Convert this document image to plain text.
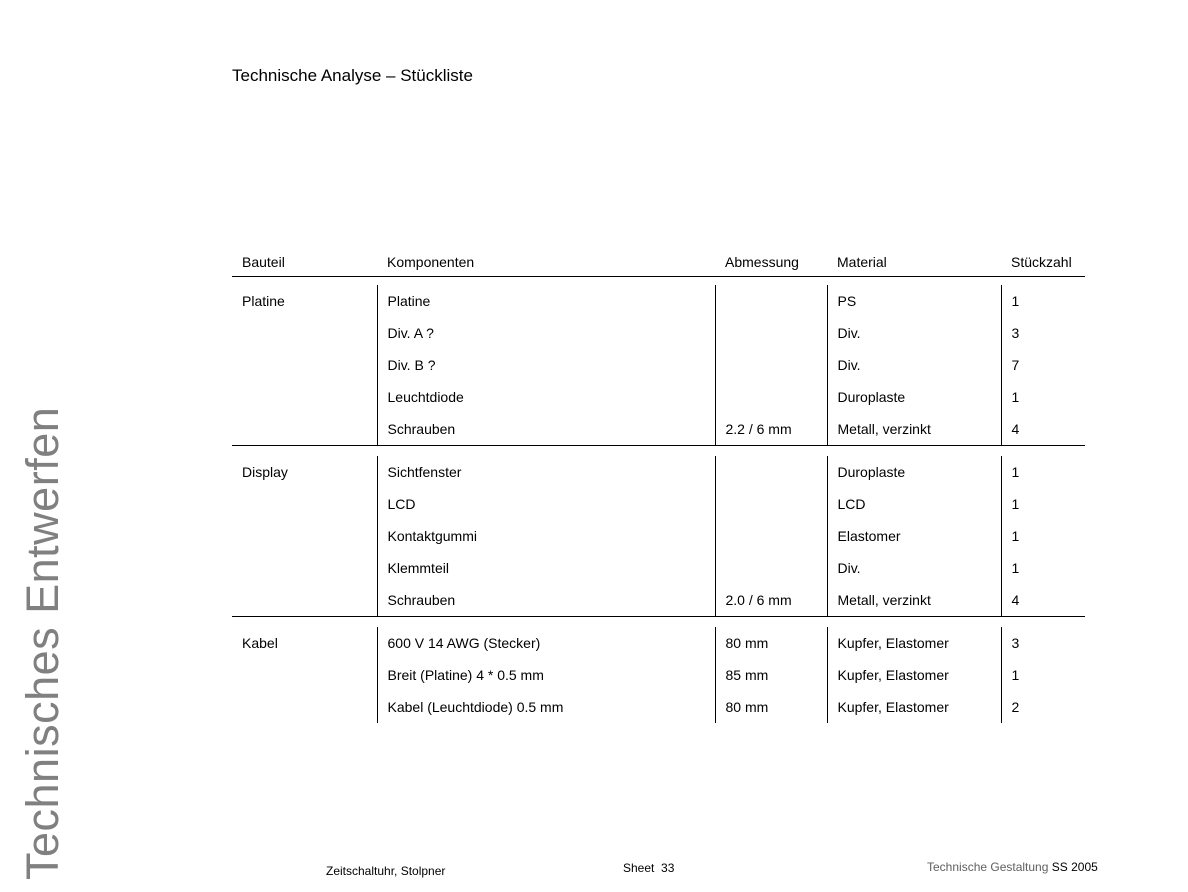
Technisches Entwerfen
Technische Analyse – Stückliste
Bauteil	Komponenten	Abmessung	Material	Stückzahl

Platine	Platine		PS	1
	Div. A ?		Div.	3
	Div. B ?		Div.	7
	Leuchtdiode		Duroplaste	1
	Schrauben	2.2 / 6 mm	Metall, verzinkt	4

Display	Sichtfenster		Duroplaste	1
	LCD		LCD	1
	Kontaktgummi		Elastomer	1
	Klemmteil		Div.	1
	Schrauben	2.0 / 6 mm	Metall, verzinkt	4

Kabel	600 V 14 AWG (Stecker)	80 mm	Kupfer, Elastomer	3
	Breit (Platine) 4 * 0.5 mm	85 mm	Kupfer, Elastomer	1
	Kabel (Leuchtdiode) 0.5 mm	80 mm	Kupfer, Elastomer	2
Zeitschaltuhr, Stolpner	Sheet 33	Technische Gestaltung SS 2005
